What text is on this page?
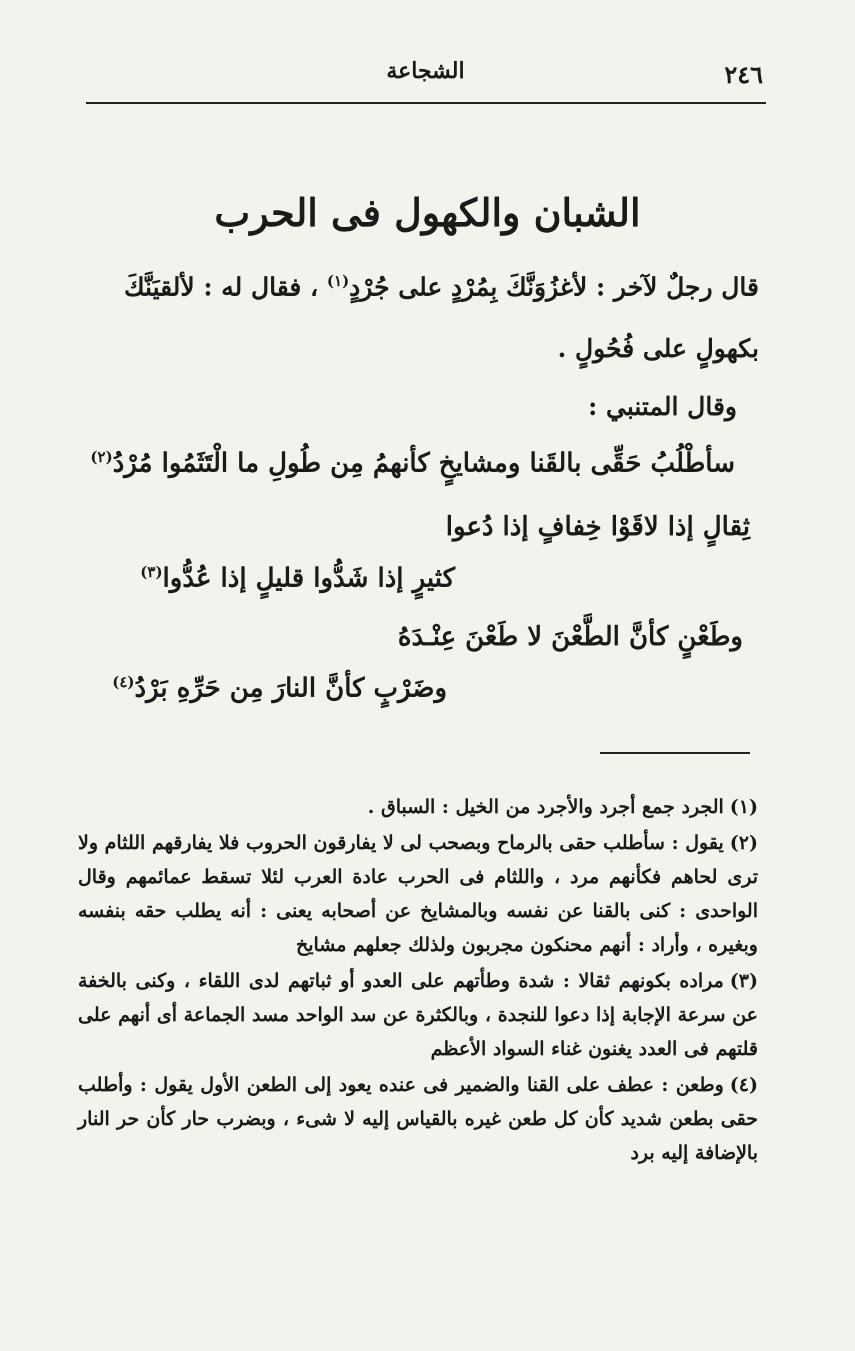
٢٤٦
الشجاعة
الشبان والكهول فى الحرب
قال رجلٌ لآخر : لأغزُوَنَّكَ بِمُرْدٍ على جُرْدٍ$^{(١)}$ ، فقال له : لألقيَنَّكَ
بكهولٍ على فُحُولٍ .
وقال المتنبي :
سأطْلُبُ حَقِّى بالقَنا ومشايخٍ كأنهمُ مِن طُولِ ما الْتَثَمُوا مُرْدُ$^{(٢)}$
ثِقالٍ إذا لاقَوْا خِفافٍ إذا دُعوا
كثيرٍ إذا شَدُّوا قليلٍ إذا عُدُّوا$^{(٣)}$
وطَعْنٍ كأنَّ الطَّعْنَ لا طَعْنَ عِنْـدَهُ
وضَرْبٍ كأنَّ النارَ مِن حَرِّهِ بَرْدُ$^{(٤)}$

(١)الجرد جمع أجرد والأجرد من الخيل : السباق .

(٢)يقول : سأطلب حقى بالرماح وبصحب لى لا يفارقون الحروب فلا يفارقهم اللثام ولا ترى لحاهم فكأنهم مرد ، واللثام فى الحرب عادة العرب لئلا تسقط عمائمهم وقال الواحدى : كنى بالقنا عن نفسه وبالمشايخ عن أصحابه يعنى : أنه يطلب حقه بنفسه وبغيره ، وأراد : أنهم محنكون مجربون ولذلك جعلهم مشايخ

(٣)مراده بكونهم ثقالا : شدة وطأتهم على العدو أو ثباتهم لدى اللقاء ، وكنى بالخفة عن سرعة الإجابة إذا دعوا للنجدة ، وبالكثرة عن سد الواحد مسد الجماعة أى أنهم على قلتهم فى العدد يغنون غناء السواد الأعظم

(٤)وطعن : عطف على القنا والضمير فى عنده يعود إلى الطعن الأول يقول : وأطلب حقى بطعن شديد كأن كل طعن غيره بالقياس إليه لا شىء ، وبضرب حار كأن حر النار بالإضافة إليه برد
